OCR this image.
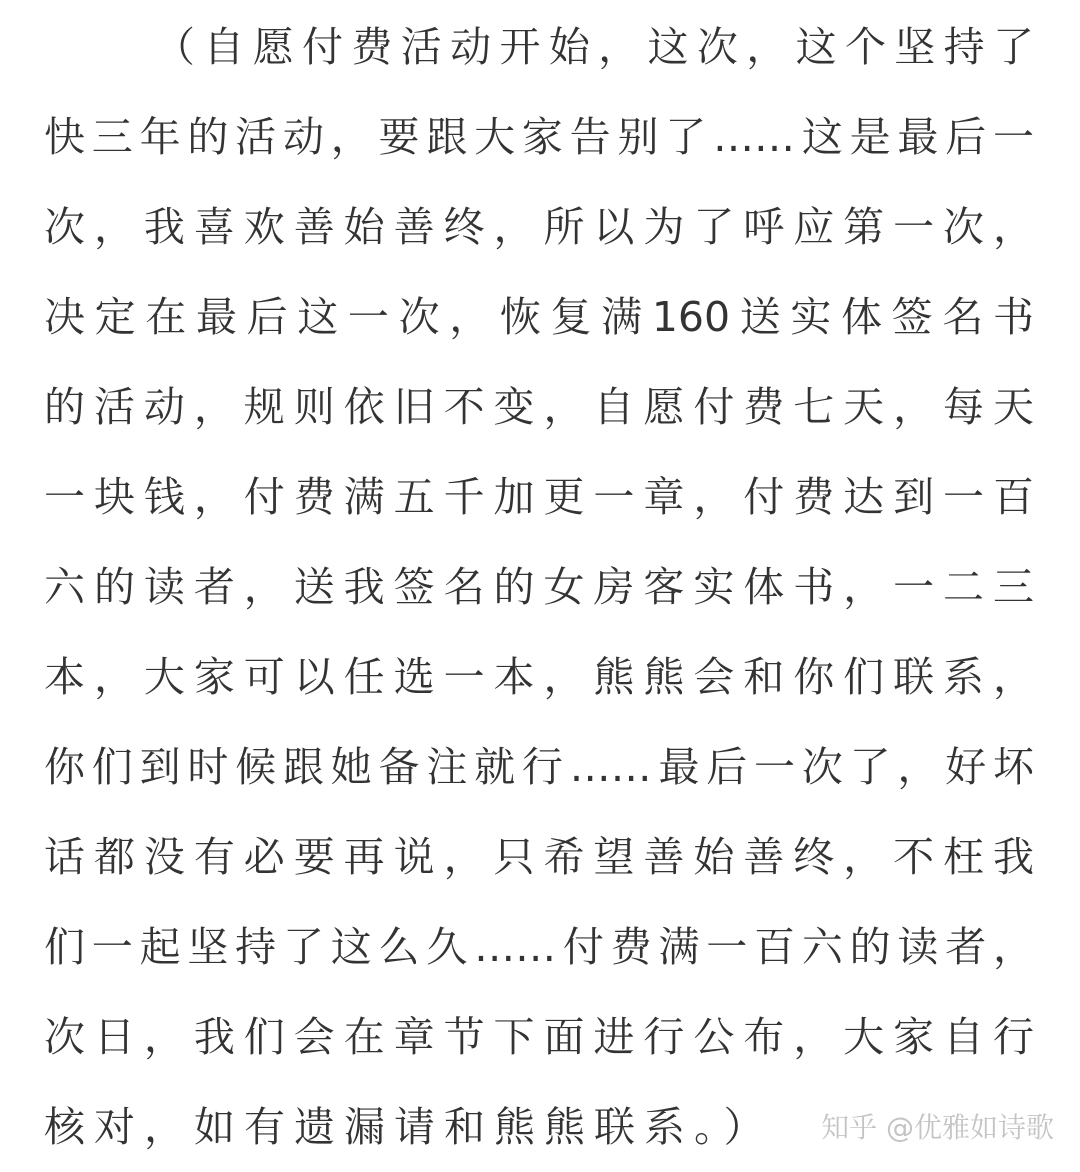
（自愿付费活动开始，这次，这个坚持了
快三年的活动，要跟大家告别了……这是最后一
次，我喜欢善始善终，所以为了呼应第一次，
决定在最后这一次，恢复满160送实体签名书
的活动，规则依旧不变，自愿付费七天，每天
一块钱，付费满五千加更一章，付费达到一百
六的读者，送我签名的女房客实体书，一二三
本，大家可以任选一本，熊熊会和你们联系，
你们到时候跟她备注就行……最后一次了，好坏
话都没有必要再说，只希望善始善终，不枉我
们一起坚持了这么久……付费满一百六的读者，
次日，我们会在章节下面进行公布，大家自行
核对，如有遗漏请和熊熊联系。）	知乎 @优雅如诗歌
